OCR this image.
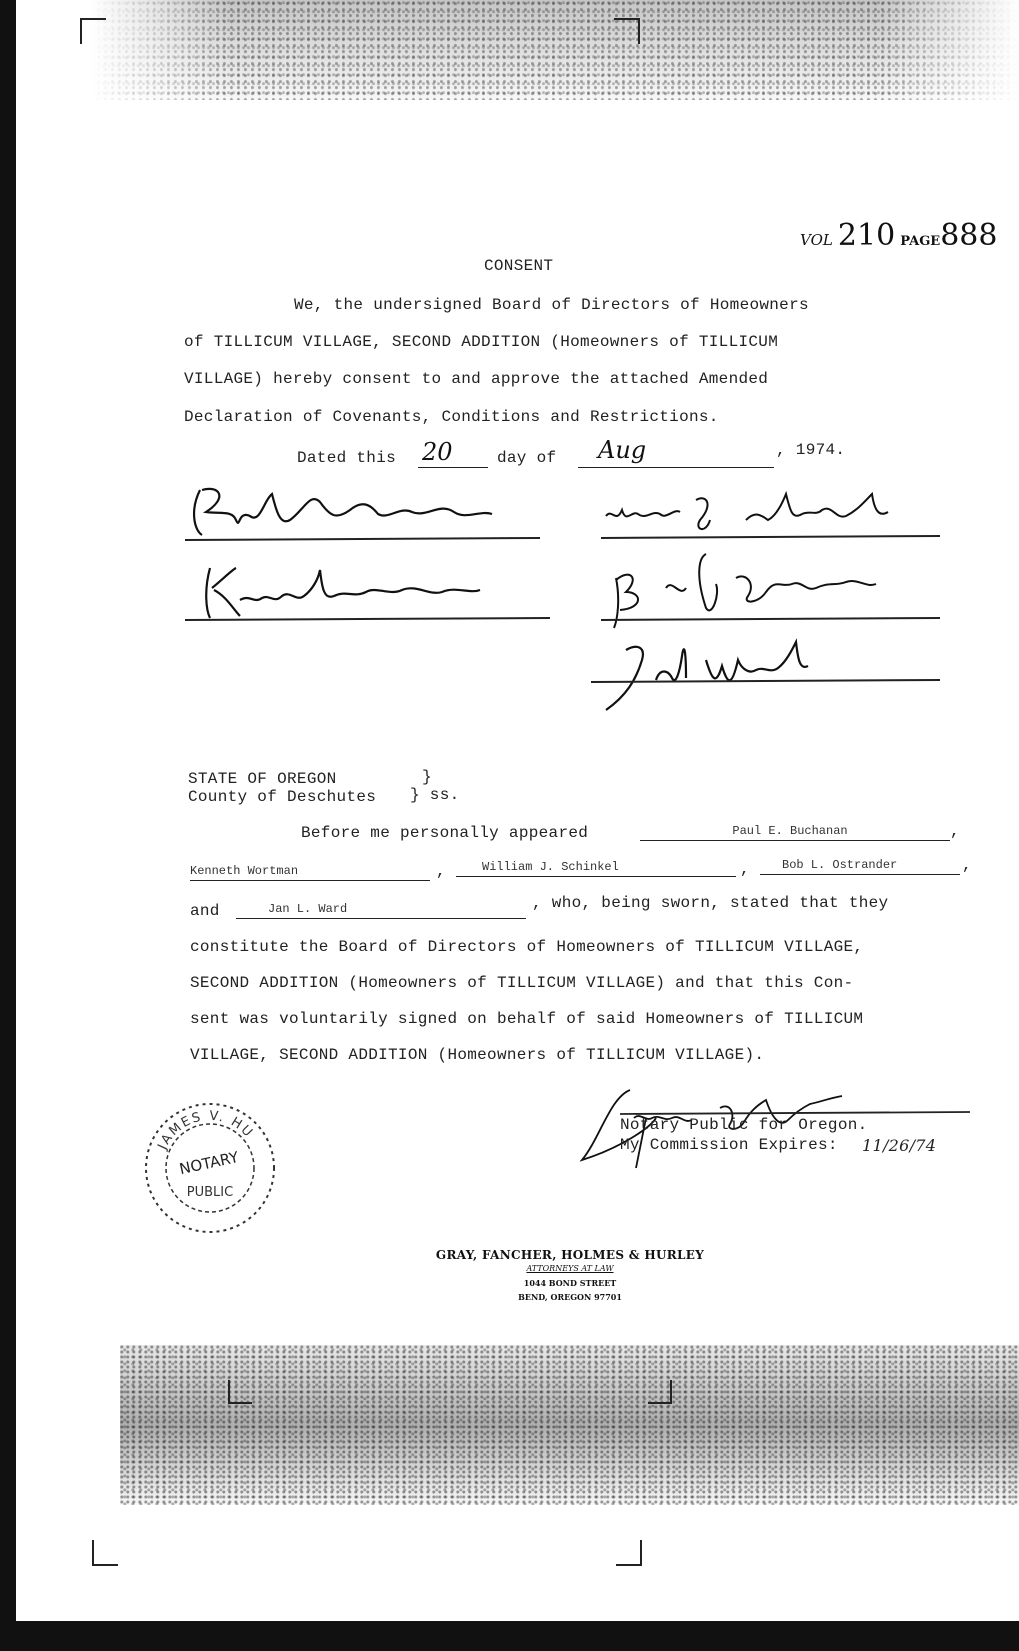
VOL 210 PAGE888
CONSENT
We, the undersigned Board of Directors of Homeowners
of TILLICUM VILLAGE, SECOND ADDITION (Homeowners of TILLICUM
VILLAGE) hereby consent to and approve the attached Amended
Declaration of Covenants, Conditions and Restrictions.
Dated this 20	day of Aug	, 1974.
STATE OF OREGON	}
County of Deschutes } ss.
Before me personally appeared	Paul E. Buchanan	,
Kenneth Wortman	,	William J. Schinkel	,	Bob L. Ostrander	,
and	Jan L. Ward	, who, being sworn, stated that they
constitute the Board of Directors of Homeowners of TILLICUM VILLAGE,
SECOND ADDITION (Homeowners of TILLICUM VILLAGE) and that this Con-
sent was voluntarily signed on behalf of said Homeowners of TILLICUM
VILLAGE, SECOND ADDITION (Homeowners of TILLICUM VILLAGE).
Notary Public for Oregon.
My Commission Expires: 11/26/74
JAMES V. HU
NOTARY
PUBLIC
GRAY, FANCHER, HOLMES & HURLEY
ATTORNEYS AT LAW
1044 BOND STREET
BEND, OREGON 97701
